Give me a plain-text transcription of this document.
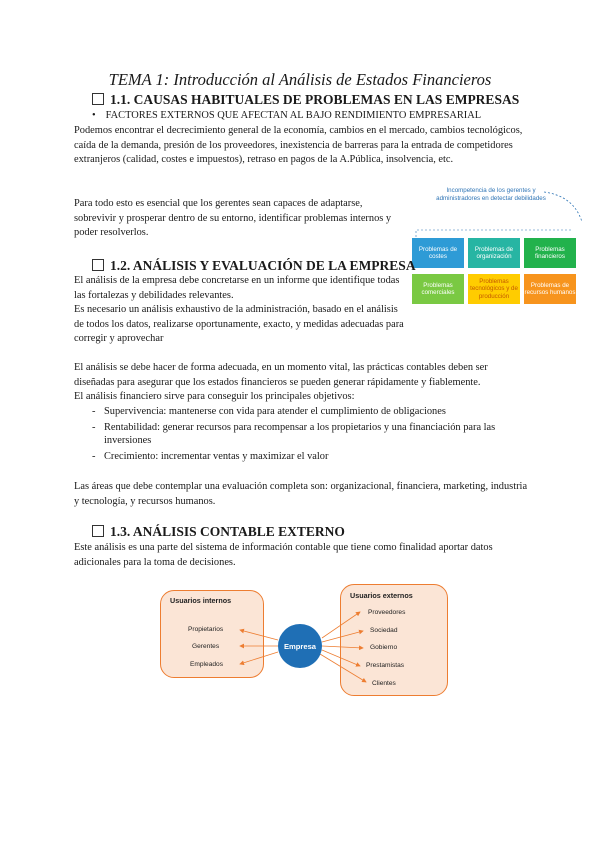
TEMA 1: Introducción al Análisis de Estados Financieros
1.1. CAUSAS HABITUALES DE PROBLEMAS EN LAS EMPRESAS
• FACTORES EXTERNOS QUE AFECTAN AL BAJO RENDIMIENTO EMPRESARIAL
Podemos encontrar el decrecimiento general de la economía, cambios en el mercado, cambios tecnológicos, caída de la demanda, presión de los proveedores, inexistencia de barreras para la entrada de competidores extranjeros (calidad, costes e impuestos), retraso en pagos de la A.Pública, insolvencia, etc.
Para todo esto es esencial que los gerentes sean capaces de adaptarse, sobrevivir y prosperar dentro de su entorno, identificar problemas internos y poder resolverlos.
Incompetencia de los gerentes y administradores en detectar debilidades
Problemas de costes
Problemas de organización
Problemas financieros
Problemas comerciales
Problemas tecnológicos y de producción
Problemas de recursos humanos
1.2. ANÁLISIS Y EVALUACIÓN DE LA EMPRESA
El análisis de la empresa debe concretarse en un informe que identifique todas las fortalezas y debilidades relevantes.
Es necesario un análisis exhaustivo de la administración, basado en el análisis de todos los datos, realizarse oportunamente, exacto, y medidas adecuadas para corregir y aprovechar
El análisis se debe hacer de forma adecuada, en un momento vital, las prácticas contables deben ser diseñadas para asegurar que los estados financieros se pueden generar rápidamente y fiablemente.
El análisis financiero sirve para conseguir los principales objetivos:
- Supervivencia: mantenerse con vida para atender el cumplimiento de obligaciones
- Rentabilidad: generar recursos para recompensar a los propietarios y una financiación para las inversiones
- Crecimiento: incrementar ventas y maximizar el valor
Las áreas que debe contemplar una evaluación completa son: organizacional, financiera, marketing, industria y tecnología, y recursos humanos.
1.3. ANÁLISIS CONTABLE EXTERNO
Este análisis es una parte del sistema de información contable que tiene como finalidad aportar datos adicionales para la toma de decisiones.
Usuarios internos
Propietarios
Gerentes
Empleados
Empresa
Usuarios externos
Proveedores
Sociedad
Gobierno
Prestamistas
Clientes
